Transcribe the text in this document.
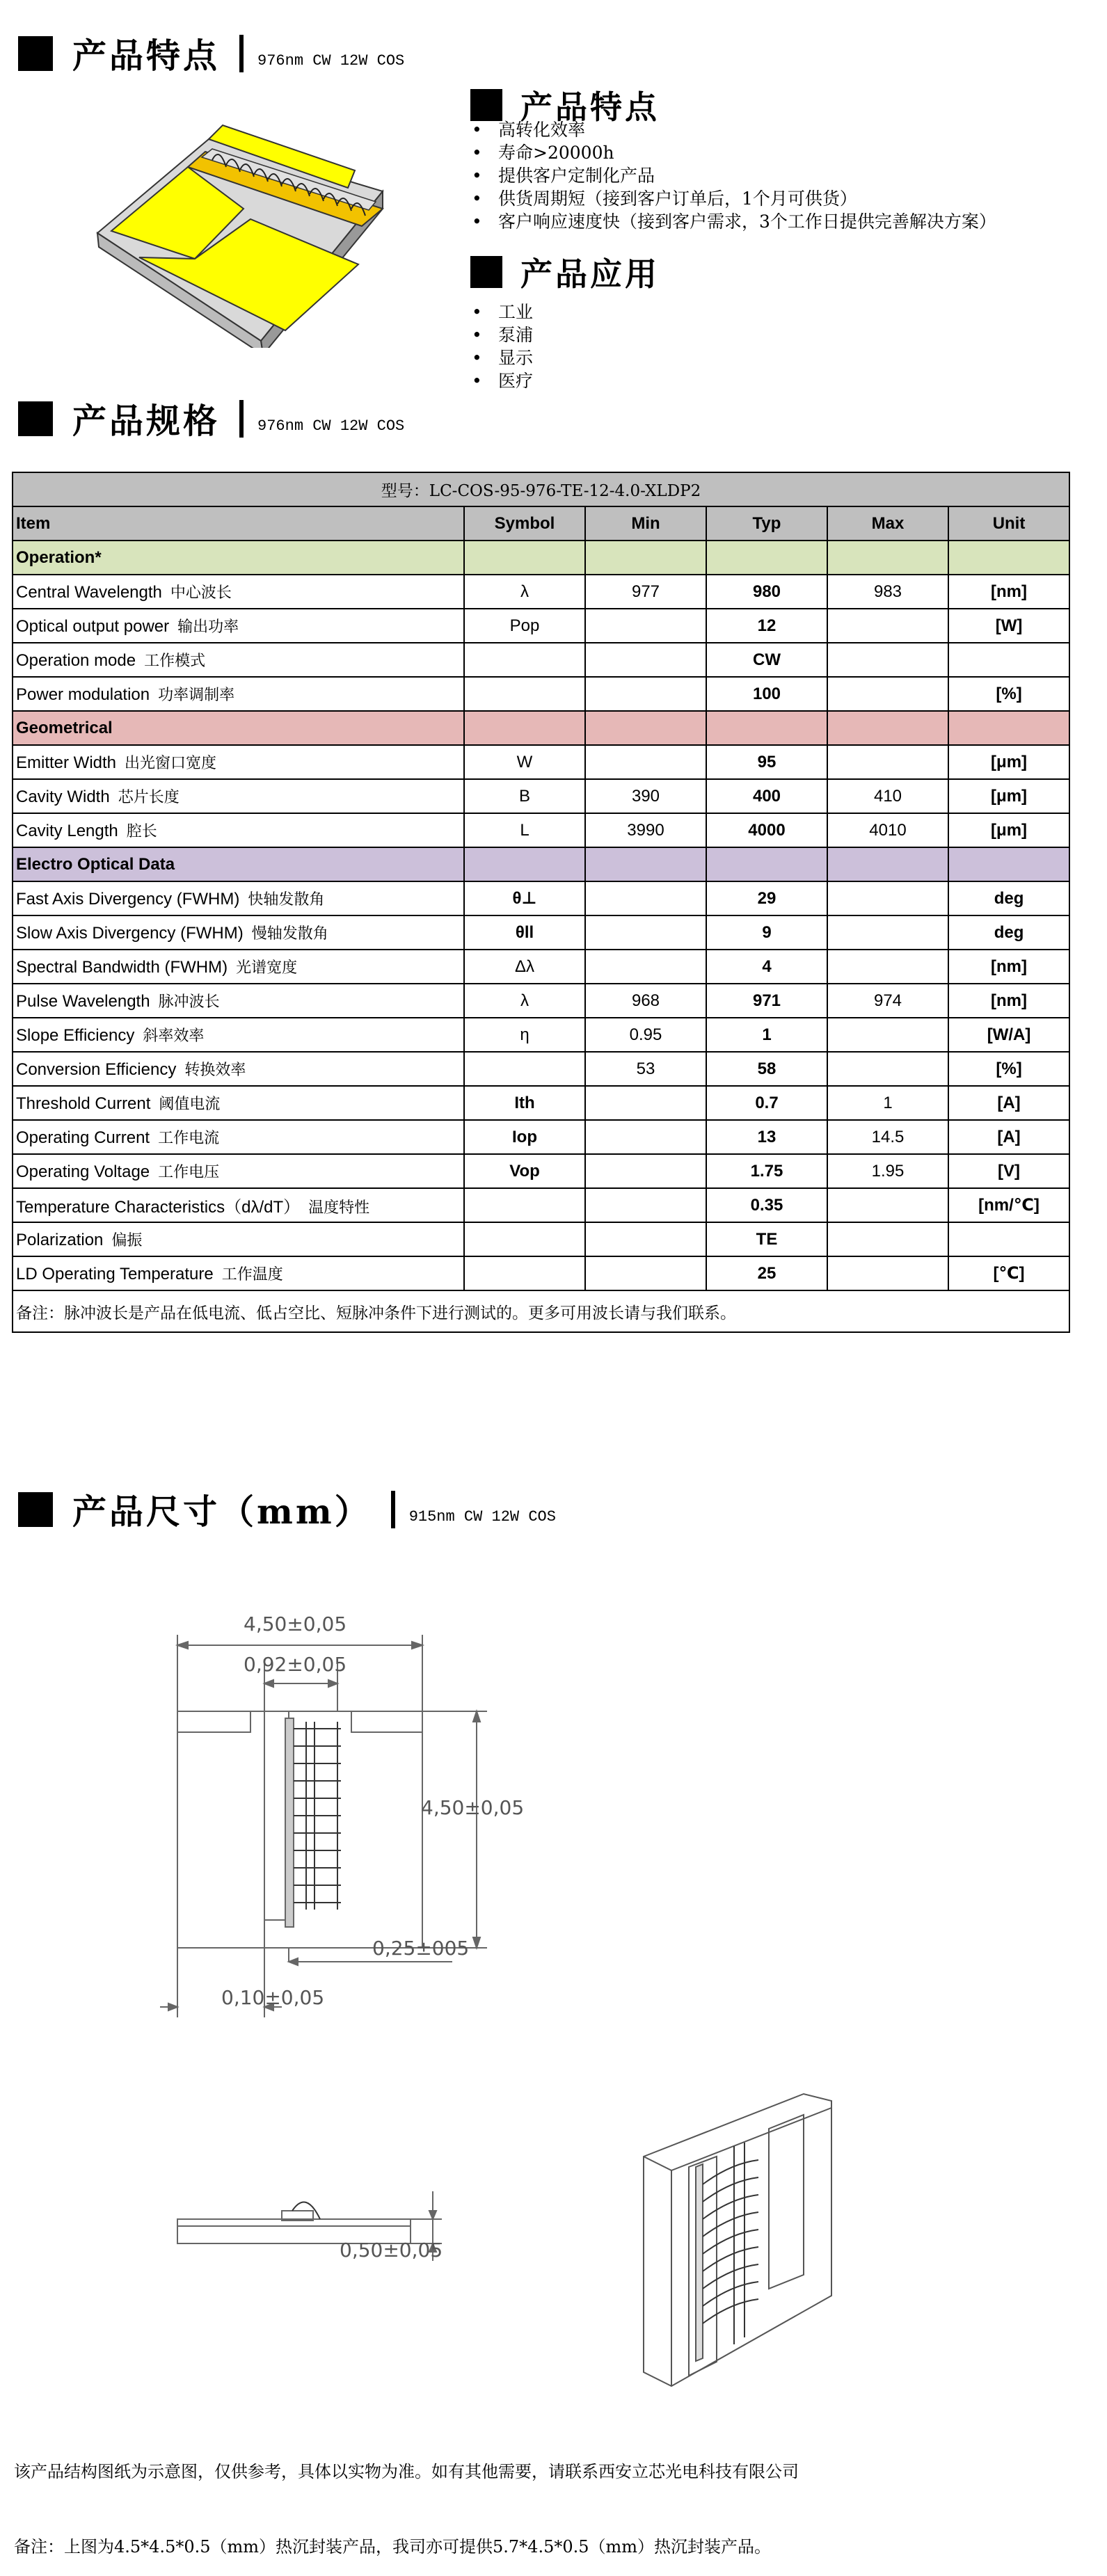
产品特点 976nm CW 12W COS
产品特点
• 高转化效率
• 寿命>20000h
• 提供客户定制化产品
• 供货周期短（接到客户订单后，1个月可供货）
• 客户响应速度快（接到客户需求，3个工作日提供完善解决方案）
产品应用
• 工业
• 泵浦
• 显示
• 医疗
产品规格 976nm CW 12W COS
型号：LC-COS-95-976-TE-12-4.0-XLDP2					
Item	Symbol	Min	Typ	Max	Unit
Operation*					
Central Wavelength 中心波长	λ	977	980	983	[nm]
Optical output power 输出功率	Pop		12		[W]
Operation mode 工作模式			CW		
Power modulation 功率调制率			100		[%]
Geometrical					
Emitter Width 出光窗口宽度	W		95		[μm]
Cavity Width 芯片长度	B	390	400	410	[μm]
Cavity Length 腔长	L	3990	4000	4010	[μm]
Electro Optical Data					
Fast Axis Divergency (FWHM) 快轴发散角	θ⊥		29		deg
Slow Axis Divergency (FWHM) 慢轴发散角	θll		9		deg
Spectral Bandwidth (FWHM) 光谱宽度	Δλ		4		[nm]
Pulse Wavelength 脉冲波长	λ	968	971	974	[nm]
Slope Efficiency 斜率效率	η	0.95	1		[W/A]
Conversion Efficiency 转换效率		53	58		[%]
Threshold Current 阈值电流	Ith		0.7	1	[A]
Operating Current 工作电流	Iop		13	14.5	[A]
Operating Voltage 工作电压	Vop		1.75	1.95	[V]
Temperature Characteristics（dλ/dT） 温度特性			0.35		[nm/℃]
Polarization 偏振			TE		
LD Operating Temperature 工作温度			25		[℃]
备注：脉冲波长是产品在低电流、低占空比、短脉冲条件下进行测试的。更多可用波长请与我们联系。					
产品尺寸（mm） 915nm CW 12W COS
4,50±0,05
0,92±0,05
4,50±0,05
0,25±005
0,10±0,05
0,50±0,05
该产品结构图纸为示意图，仅供参考，具体以实物为准。如有其他需要，请联系西安立芯光电科技有限公司
备注：上图为4.5*4.5*0.5（mm）热沉封装产品，我司亦可提供5.7*4.5*0.5（mm）热沉封装产品。
